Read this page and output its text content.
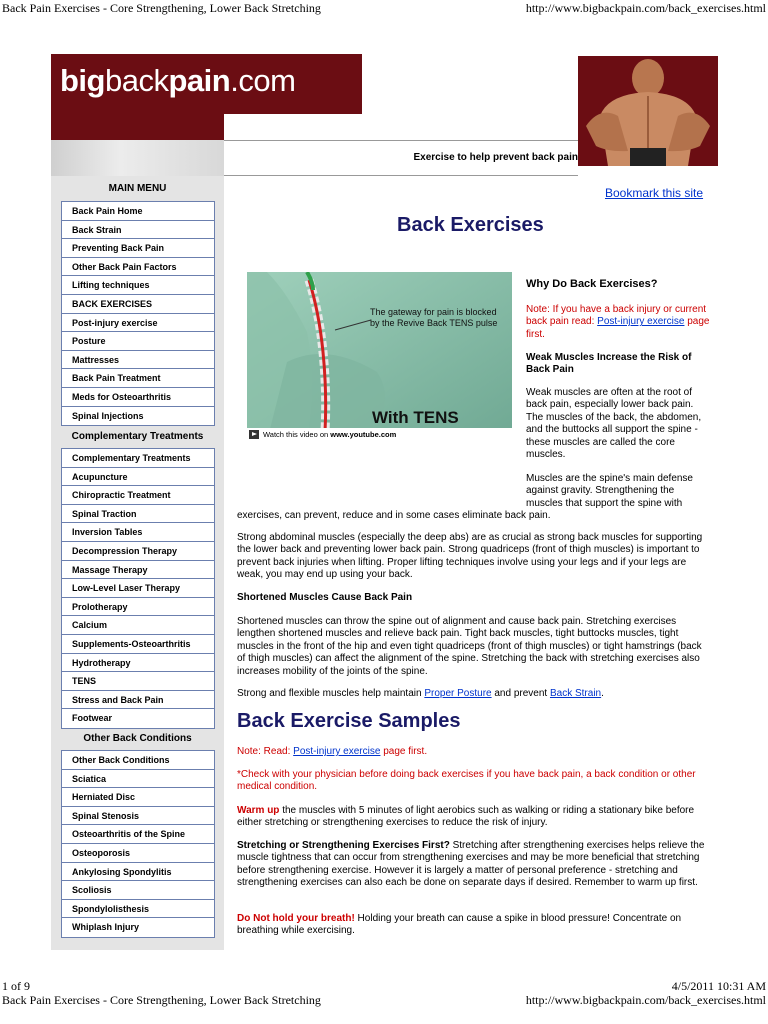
Back Pain Exercises - Core Strengthening, Lower Back Stretching	http://www.bigbackpain.com/back_exercises.html
bigbackpain.com
Exercise to help prevent back pain
MAIN MENU
Back Pain Home
Back Strain
Preventing Back Pain
Other Back Pain Factors
Lifting techniques
BACK EXERCISES
Post-injury exercise
Posture
Mattresses
Back Pain Treatment
Meds for Osteoarthritis
Spinal Injections
Complementary Treatments
Complementary Treatments
Acupuncture
Chiropractic Treatment
Spinal Traction
Inversion Tables
Decompression Therapy
Massage Therapy
Low-Level Laser Therapy
Prolotherapy
Calcium
Supplements-Osteoarthritis
Hydrotherapy
TENS
Stress and Back Pain
Footwear
Other Back Conditions
Other Back Conditions
Sciatica
Herniated Disc
Spinal Stenosis
Osteoarthritis of the Spine
Osteoporosis
Ankylosing Spondylitis
Scoliosis
Spondylolisthesis
Whiplash Injury
Bookmark this site
Back Exercises
The gateway for pain is blocked by the Revive Back TENS pulse
With TENS
Watch this video on www.youtube.com
Why Do Back Exercises?
Note: If you have a back injury or current back pain read: Post-injury exercise page first.
Weak Muscles Increase the Risk of Back Pain
Weak muscles are often at the root of back pain, especially lower back pain. The muscles of the back, the abdomen, and the buttocks all support the spine - these muscles are called the core muscles.
Muscles are the spine's main defense against gravity. Strengthening the muscles that support the spine with
exercises, can prevent, reduce and in some cases eliminate back pain.
Strong abdominal muscles (especially the deep abs) are as crucial as strong back muscles for supporting the lower back and preventing lower back pain. Strong quadriceps (front of thigh muscles) is important to prevent back injuries when lifting. Proper lifting techniques involve using your legs and if your legs are weak, you may end up using your back.
Shortened Muscles Cause Back Pain
Shortened muscles can throw the spine out of alignment and cause back pain. Stretching exercises lengthen shortened muscles and relieve back pain. Tight back muscles, tight buttocks muscles, tight muscles in the front of the hip and even tight quadriceps (front of thigh muscles) or tight hamstrings (back of thigh muscles) can affect the alignment of the spine. Stretching the back with stretching exercises also increases mobility of the joints of the spine.
Strong and flexible muscles help maintain Proper Posture and prevent Back Strain.
Back Exercise Samples
Note: Read: Post-injury exercise page first.
*Check with your physician before doing back exercises if you have back pain, a back condition or other medical condition.
Warm up the muscles with 5 minutes of light aerobics such as walking or riding a stationary bike before either stretching or strengthening exercises to reduce the risk of injury.
Stretching or Strengthening Exercises First? Stretching after strengthening exercises helps relieve the muscle tightness that can occur from strengthening exercises and may be more beneficial that stretching before strengthening exercise. However it is largely a matter of personal preference - stretching and strengthening exercises can also each be done on separate days if desired. Remember to warm up first.
Do Not hold your breath! Holding your breath can cause a spike in blood pressure! Concentrate on breathing while exercising.
1 of 9	4/5/2011 10:31 AM
Back Pain Exercises - Core Strengthening, Lower Back Stretching	http://www.bigbackpain.com/back_exercises.html
